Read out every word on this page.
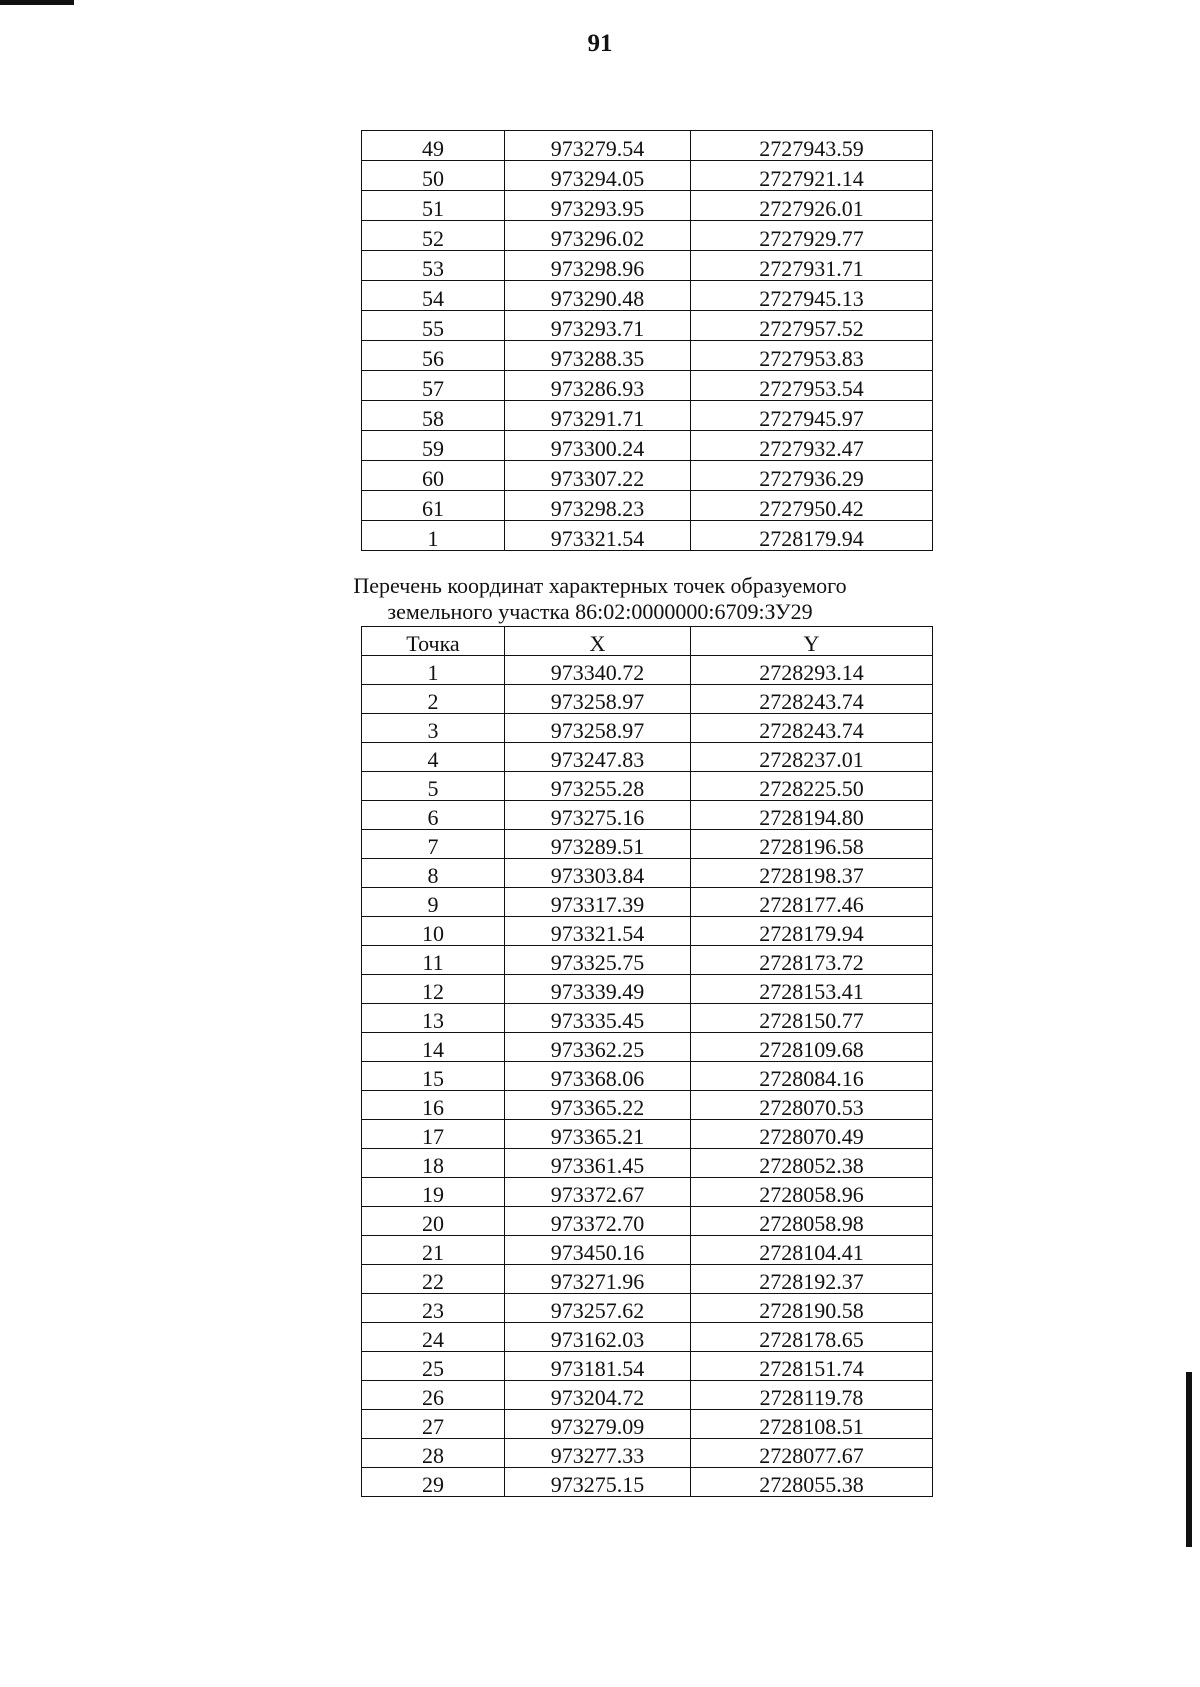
91
49	973279.54	2727943.59
50	973294.05	2727921.14
51	973293.95	2727926.01
52	973296.02	2727929.77
53	973298.96	2727931.71
54	973290.48	2727945.13
55	973293.71	2727957.52
56	973288.35	2727953.83
57	973286.93	2727953.54
58	973291.71	2727945.97
59	973300.24	2727932.47
60	973307.22	2727936.29
61	973298.23	2727950.42
1	973321.54	2728179.94
Перечень координат характерных точек образуемого
земельного участка 86:02:0000000:6709:ЗУ29
Точка	X	Y
1	973340.72	2728293.14
2	973258.97	2728243.74
3	973258.97	2728243.74
4	973247.83	2728237.01
5	973255.28	2728225.50
6	973275.16	2728194.80
7	973289.51	2728196.58
8	973303.84	2728198.37
9	973317.39	2728177.46
10	973321.54	2728179.94
11	973325.75	2728173.72
12	973339.49	2728153.41
13	973335.45	2728150.77
14	973362.25	2728109.68
15	973368.06	2728084.16
16	973365.22	2728070.53
17	973365.21	2728070.49
18	973361.45	2728052.38
19	973372.67	2728058.96
20	973372.70	2728058.98
21	973450.16	2728104.41
22	973271.96	2728192.37
23	973257.62	2728190.58
24	973162.03	2728178.65
25	973181.54	2728151.74
26	973204.72	2728119.78
27	973279.09	2728108.51
28	973277.33	2728077.67
29	973275.15	2728055.38
